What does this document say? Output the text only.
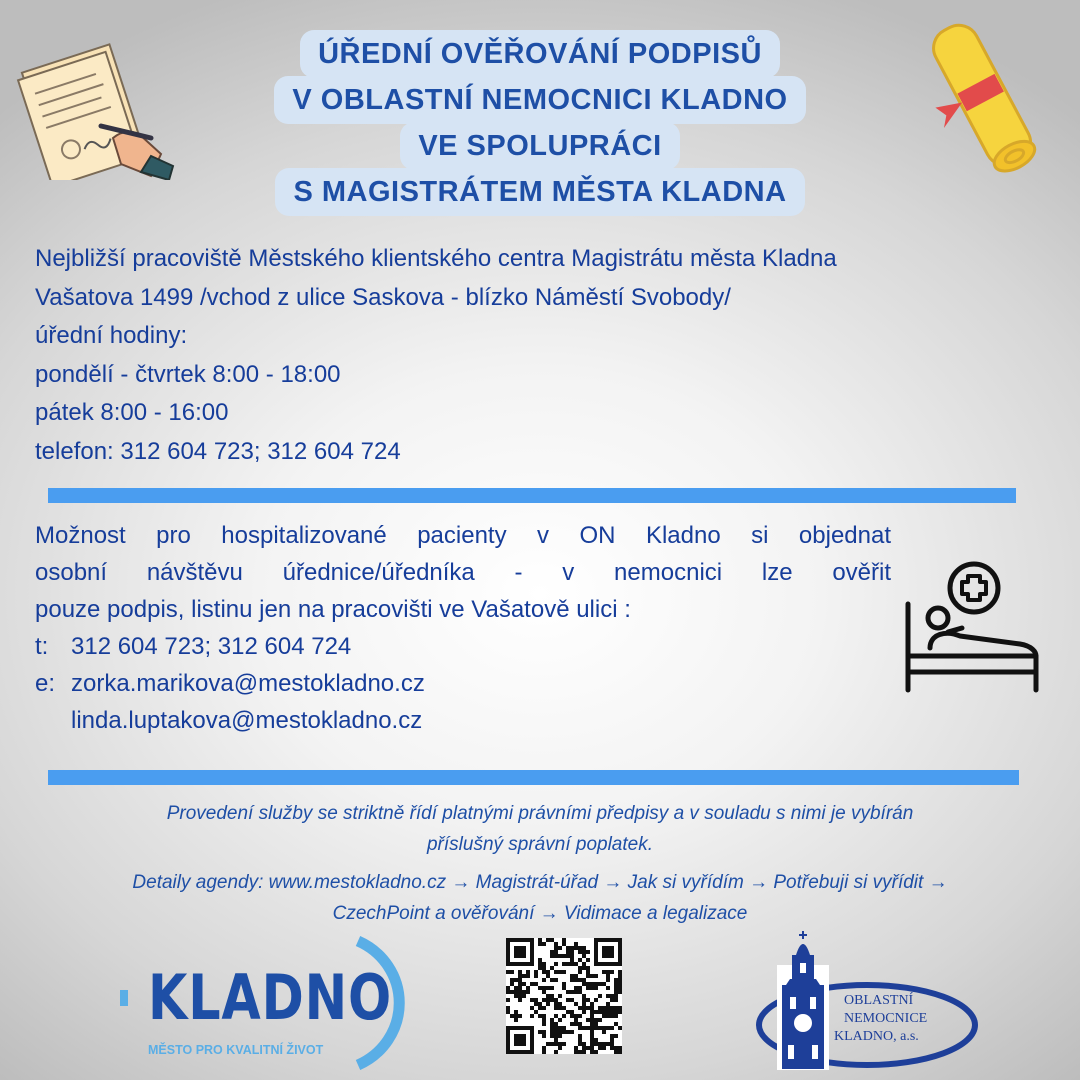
ÚŘEDNÍ OVĚŘOVÁNÍ PODPISŮ
V OBLASTNÍ NEMOCNICI KLADNO
VE SPOLUPRÁCI
S MAGISTRÁTEM MĚSTA KLADNA
Nejbližší pracoviště Městského klientského centra Magistrátu města Kladna
Vašatova 1499 /vchod z ulice Saskova - blízko Náměstí Svobody/
úřední hodiny:
pondělí - čtvrtek 8:00 - 18:00
pátek 8:00 - 16:00
telefon: 312 604 723; 312 604 724
Možnost pro hospitalizované pacienty v ON Kladno si objednat
osobní návštěvu úřednice/úředníka - v nemocnici lze ověřit
pouze podpis, listinu jen na pracovišti ve Vašatově ulici :
t: 312 604 723; 312 604 724
e: zorka.marikova@mestokladno.cz
linda.luptakova@mestokladno.cz
Provedení služby se striktně řídí platnými právními předpisy a v souladu s nimi je vybírán
příslušný správní poplatek.
Detaily agendy: www.mestokladno.cz → Magistrát-úřad → Jak si vyřídím → Potřebuji si vyřídit →
CzechPoint a ověřování → Vidimace a legalizace
KLADNO
MĚSTO PRO KVALITNÍ ŽIVOT
OBLASTNÍ
NEMOCNICE
KLADNO, a.s.
